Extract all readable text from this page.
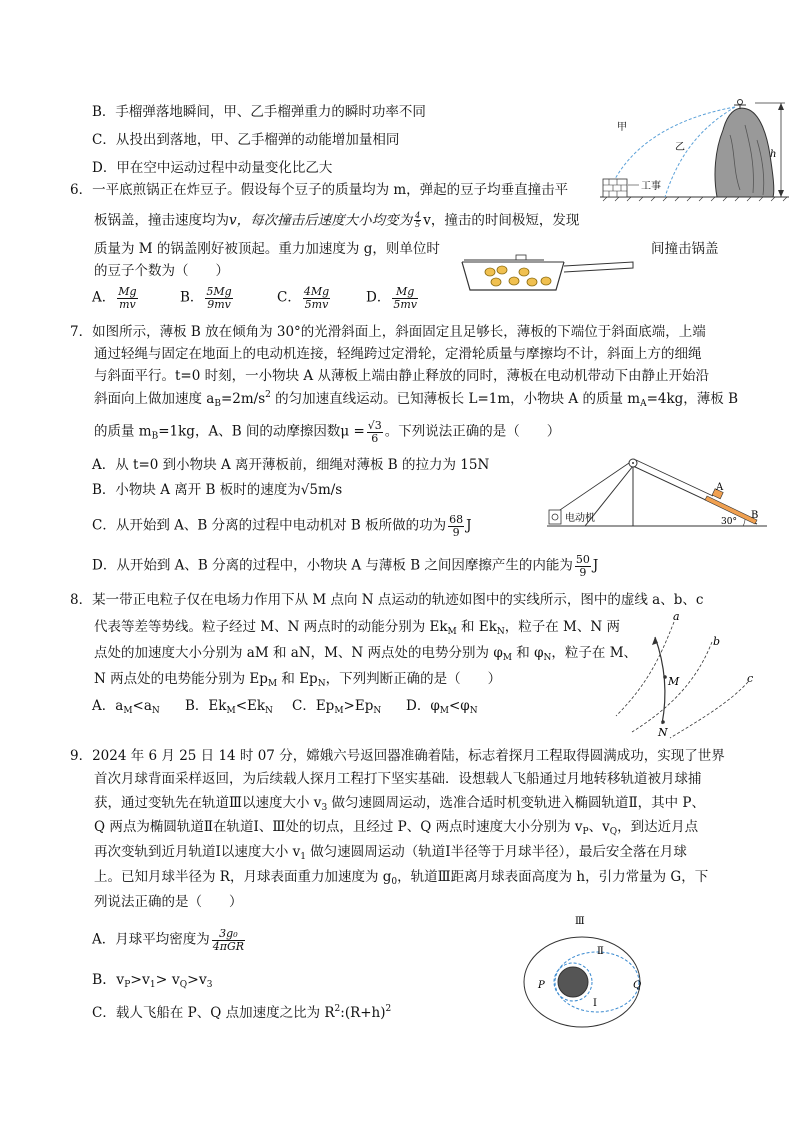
B．手榴弹落地瞬间，甲、乙手榴弹重力的瞬时功率不同
C．从投出到落地，甲、乙手榴弹的动能增加量相同
D．甲在空中运动过程中动量变化比乙大
h
工事
甲
乙
6．一平底煎锅正在炸豆子。假设每个豆子的质量均为 m，弹起的豆子均垂直撞击平
板锅盖，撞击速度均为v，每次撞击后速度大小均变为 $\frac{4}{5}$ v，撞击的时间极短，发现
质量为 M 的锅盖刚好被顶起。重力加速度为 g，则单位时	间撞击锅盖
的豆子个数为（　　）
A． $\frac{Mg}{mv}$	B． $\frac{5Mg}{9mv}$	C． $\frac{4Mg}{5mv}$	D． $\frac{Mg}{5mv}$
7．如图所示，薄板 B 放在倾角为 30°的光滑斜面上，斜面固定且足够长，薄板的下端位于斜面底端，上端
通过轻绳与固定在地面上的电动机连接，轻绳跨过定滑轮，定滑轮质量与摩擦均不计，斜面上方的细绳
与斜面平行。t=0 时刻，一小物块 A 从薄板上端由静止释放的同时，薄板在电动机带动下由静止开始沿
斜面向上做加速度 $a_B=2m/s^2$ 的匀加速直线运动。已知薄板长 L=1m，小物块 A 的质量 $m_A=4kg$，薄板 B
的质量 $m_B=1kg$，A、B 间的动摩擦因数$\mu = \frac{√3}{6}$ 。下列说法正确的是（　　）
A．从 t=0 到小物块 A 离开薄板前，细绳对薄板 B 的拉力为 15N
B．小物块 A 离开 B 板时的速度为√5m/s
C．从开始到 A、B 分离的过程中电动机对 B 板所做的功为 $\frac{68}{9}$ J
D．从开始到 A、B 分离的过程中，小物块 A 与薄板 B 之间因摩擦产生的内能为 $\frac{50}{9}$ J
电动机
A
B
30°
8．某一带正电粒子仅在电场力作用下从 M 点向 N 点运动的轨迹如图中的实线所示，图中的虚线 a、b、c
代表等差等势线。粒子经过 M、N 两点时的动能分别为 $Ek_M$ 和 $Ek_N$，粒子在 M、N 两
点处的加速度大小分别为 aM 和 aN，M、N 两点处的电势分别为 $\varphi_M$ 和 $\varphi_N$，粒子在 M、
N 两点处的电势能分别为 $Ep_M$ 和 $Ep_N$，下列判断正确的是（　　）
A．$a_M<a_N$ B．$Ek_M<Ek_N$ C．$Ep_M>Ep_N$ D．$\varphi_M<\varphi_N$
a
b
c
M
N
9．2024 年 6 月 25 日 14 时 07 分，嫦娥六号返回器准确着陆，标志着探月工程取得圆满成功，实现了世界
首次月球背面采样返回，为后续载人探月工程打下坚实基础．设想载人飞船通过月地转移轨道被月球捕
获，通过变轨先在轨道Ⅲ以速度大小 $v_3$ 做匀速圆周运动，选准合适时机变轨进入椭圆轨道Ⅱ，其中 P、
Q 两点为椭圆轨道Ⅱ在轨道Ⅰ、Ⅲ处的切点，且经过 P、Q 两点时速度大小分别为 $v_P$、$v_Q$，到达近月点
再次变轨到近月轨道Ⅰ以速度大小 $v_1$ 做匀速圆周运动（轨道Ⅰ半径等于月球半径），最后安全落在月球
上。已知月球半径为 R，月球表面重力加速度为 $g_0$，轨道Ⅲ距离月球表面高度为 h，引力常量为 G，下
列说法正确的是（　　）
A．月球平均密度为 $\frac{\text{3g₀}}{\text{4πGR}}$
B．$v_P>v_1> v_Q>v_3$
C．载人飞船在 P、Q 点加速度之比为 $R^2:(R+h)^2$
Ⅲ
Ⅱ
Ⅰ
P	Q
